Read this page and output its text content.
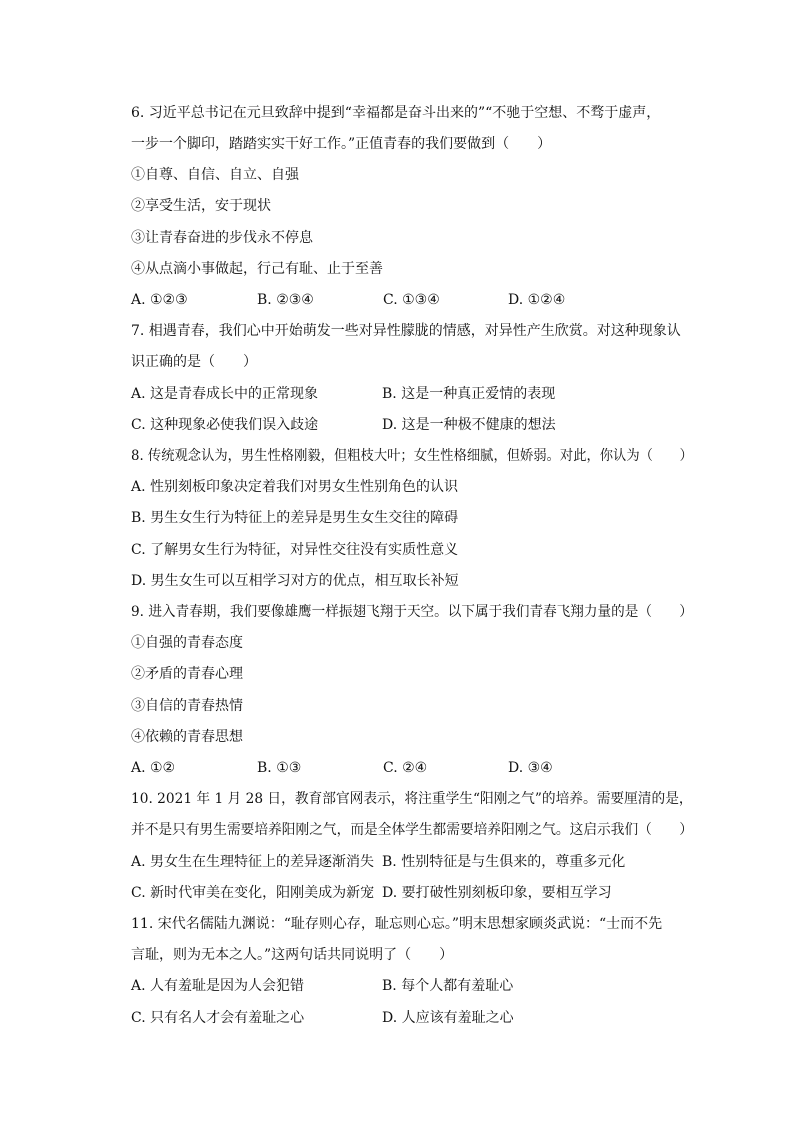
6. 习近平总书记在元旦致辞中提到“幸福都是奋斗出来的”“不驰于空想、不骛于虚声，
一步一个脚印，踏踏实实干好工作。”正值青春的我们要做到（　　）
①自尊、自信、自立、自强
②享受生活，安于现状
③让青春奋进的步伐永不停息
④从点滴小事做起，行己有耻、止于至善
A. ①②③	B. ②③④	C. ①③④	D. ①②④
7. 相遇青春，我们心中开始萌发一些对异性朦胧的情感，对异性产生欣赏。对这种现象认
识正确的是（　　）
A. 这是青春成长中的正常现象	B. 这是一种真正爱情的表现
C. 这种现象必使我们误入歧途	D. 这是一种极不健康的想法
8. 传统观念认为，男生性格刚毅，但粗枝大叶；女生性格细腻，但娇弱。对此，你认为（　　）
A. 性别刻板印象决定着我们对男女生性别角色的认识
B. 男生女生行为特征上的差异是男生女生交往的障碍
C. 了解男女生行为特征，对异性交往没有实质性意义
D. 男生女生可以互相学习对方的优点，相互取长补短
9. 进入青春期，我们要像雄鹰一样振翅飞翔于天空。以下属于我们青春飞翔力量的是（　　）
①自强的青春态度
②矛盾的青春心理
③自信的青春热情
④依赖的青春思想
A. ①②	B. ①③	C. ②④	D. ③④
10. 2021 年 1 月 28 日，教育部官网表示，将注重学生“阳刚之气”的培养。需要厘清的是，
并不是只有男生需要培养阳刚之气，而是全体学生都需要培养阳刚之气。这启示我们（　　）
A. 男女生在生理特征上的差异逐渐消失 B. 性别特征是与生俱来的，尊重多元化
C. 新时代审美在变化，阳刚美成为新宠 D. 要打破性别刻板印象，要相互学习
11. 宋代名儒陆九渊说：“耻存则心存，耻忘则心忘。”明末思想家顾炎武说：“士而不先
言耻，则为无本之人。”这两句话共同说明了（　　）
A. 人有羞耻是因为人会犯错	B. 每个人都有羞耻心
C. 只有名人才会有羞耻之心	D. 人应该有羞耻之心
